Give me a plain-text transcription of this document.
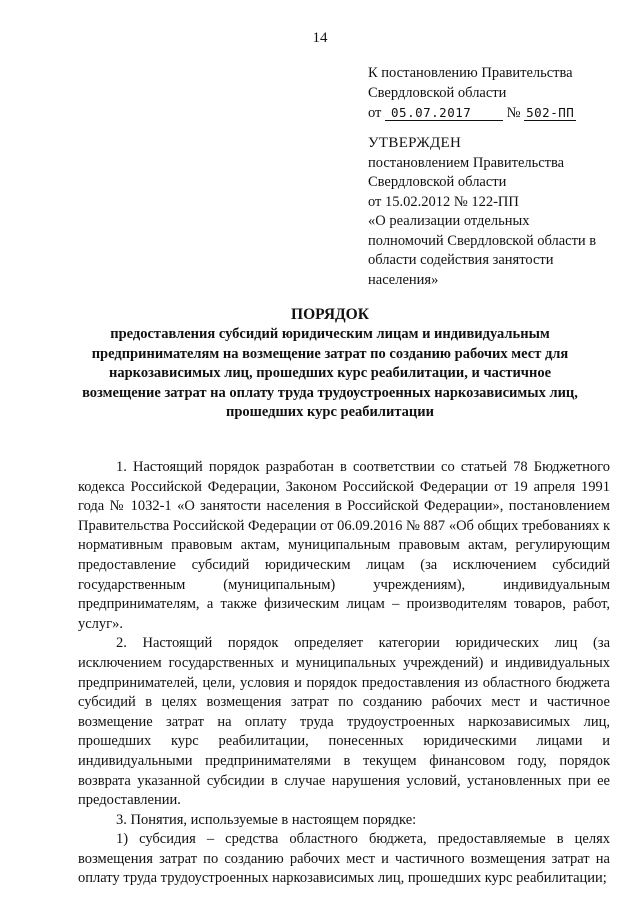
14
К постановлению Правительства
Свердловской области
от 05.07.2017 № 502-ПП
УТВЕРЖДЕН
постановлением Правительства
Свердловской области
от 15.02.2012 № 122-ПП
«О реализации отдельных
полномочий Свердловской области в
области содействия занятости
населения»
ПОРЯДОК
предоставления субсидий юридическим лицам и индивидуальным предпринимателям на возмещение затрат по созданию рабочих мест для наркозависимых лиц, прошедших курс реабилитации, и частичное возмещение затрат на оплату труда трудоустроенных наркозависимых лиц, прошедших курс реабилитации

1. Настоящий порядок разработан в соответствии со статьей 78 Бюджетного кодекса Российской Федерации, Законом Российской Федерации от 19 апреля 1991 года № 1032-1 «О занятости населения в Российской Федерации», постановлением Правительства Российской Федерации от 06.09.2016 № 887 «Об общих требованиях к нормативным правовым актам, муниципальным правовым актам, регулирующим предоставление субсидий юридическим лицам (за исключением субсидий государственным (муниципальным) учреждениям), индивидуальным предпринимателям, а также физическим лицам – производителям товаров, работ, услуг».

2. Настоящий порядок определяет категории юридических лиц (за исключением государственных и муниципальных учреждений) и индивидуальных предпринимателей, цели, условия и порядок предоставления из областного бюджета субсидий в целях возмещения затрат по созданию рабочих мест и частичное возмещение затрат на оплату труда трудоустроенных наркозависимых лиц, прошедших курс реабилитации, понесенных юридическими лицами и индивидуальными предпринимателями в текущем финансовом году, порядок возврата указанной субсидии в случае нарушения условий, установленных при ее предоставлении.

3. Понятия, используемые в настоящем порядке:

1) субсидия – средства областного бюджета, предоставляемые в целях возмещения затрат по созданию рабочих мест и частичного возмещения затрат на оплату труда трудоустроенных наркозависимых лиц, прошедших курс реабилитации;
